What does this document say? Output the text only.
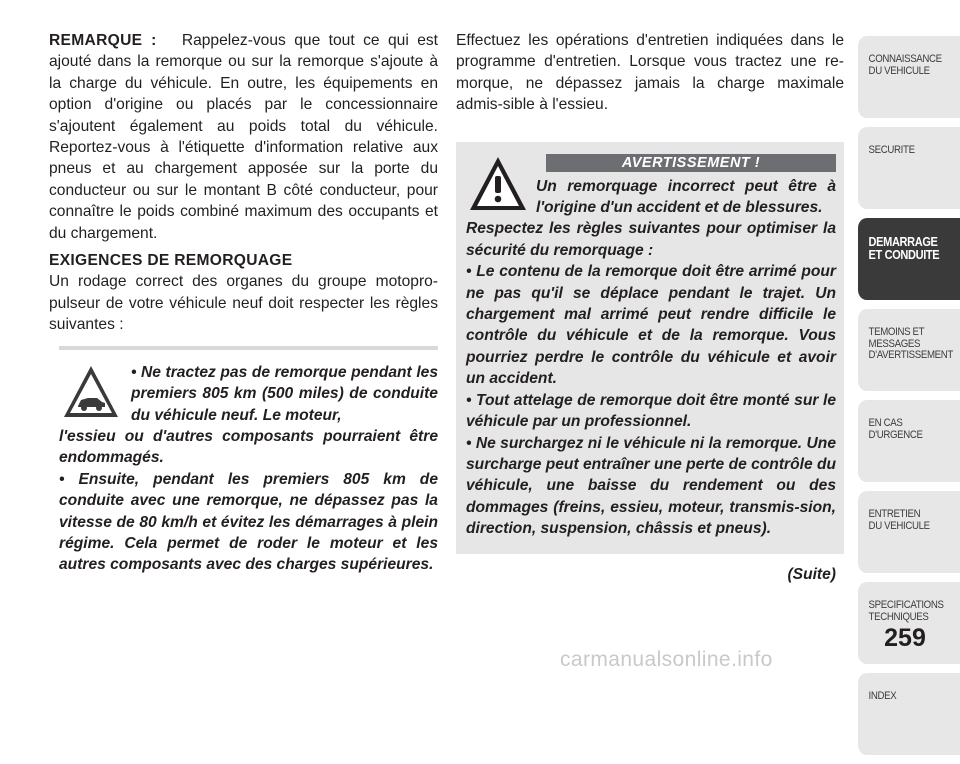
REMARQUE : Rappelez-vous que tout ce qui est ajouté dans la remorque ou sur la remorque s'ajoute à la charge du véhicule. En outre, les équipements en option d'origine ou placés par le concessionnaire s'ajoutent également au poids total du véhicule. Reportez-vous à l'étiquette d'information relative aux pneus et au chargement apposée sur la porte du conducteur ou sur le montant B côté conducteur, pour connaître le poids combiné maximum des occupants et du chargement.

EXIGENCES DE REMORQUAGE

Un rodage correct des organes du groupe motopro-pulseur de votre véhicule neuf doit respecter les règles suivantes :

• Ne tractez pas de remorque pendant les premiers 805 km (500 miles) de conduite du véhicule neuf. Le moteur,
l'essieu ou d'autres composants pourraient être endommagés.
• Ensuite, pendant les premiers 805 km de conduite avec une remorque, ne dépassez pas la vitesse de 80 km/h et évitez les démarrages à plein régime. Cela permet de roder le moteur et les autres composants avec des charges supérieures.

Effectuez les opérations d'entretien indiquées dans le programme d'entretien. Lorsque vous tractez une re-morque, ne dépassez jamais la charge maximale admis-sible à l'essieu.

AVERTISSEMENT !
Un remorquage incorrect peut être à l'origine d'un accident et de blessures.
Respectez les règles suivantes pour optimiser la sécurité du remorquage :
• Le contenu de la remorque doit être arrimé pour ne pas qu'il se déplace pendant le trajet. Un chargement mal arrimé peut rendre difficile le contrôle du véhicule et de la remorque. Vous pourriez perdre le contrôle du véhicule et avoir un accident.
• Tout attelage de remorque doit être monté sur le véhicule par un professionnel.
• Ne surchargez ni le véhicule ni la remorque. Une surcharge peut entraîner une perte de contrôle du véhicule, une baisse du rendement ou des dommages (freins, essieu, moteur, transmis-sion, direction, suspension, châssis et pneus).
(Suite)
CONNAISSANCE
DU VEHICULE
SECURITE
DEMARRAGE
ET CONDUITE
TEMOINS ET
MESSAGES
D'AVERTISSEMENT
EN CAS
D'URGENCE
ENTRETIEN
DU VEHICULE
SPECIFICATIONS
TECHNIQUES
INDEX
259
carmanualsonline.info
